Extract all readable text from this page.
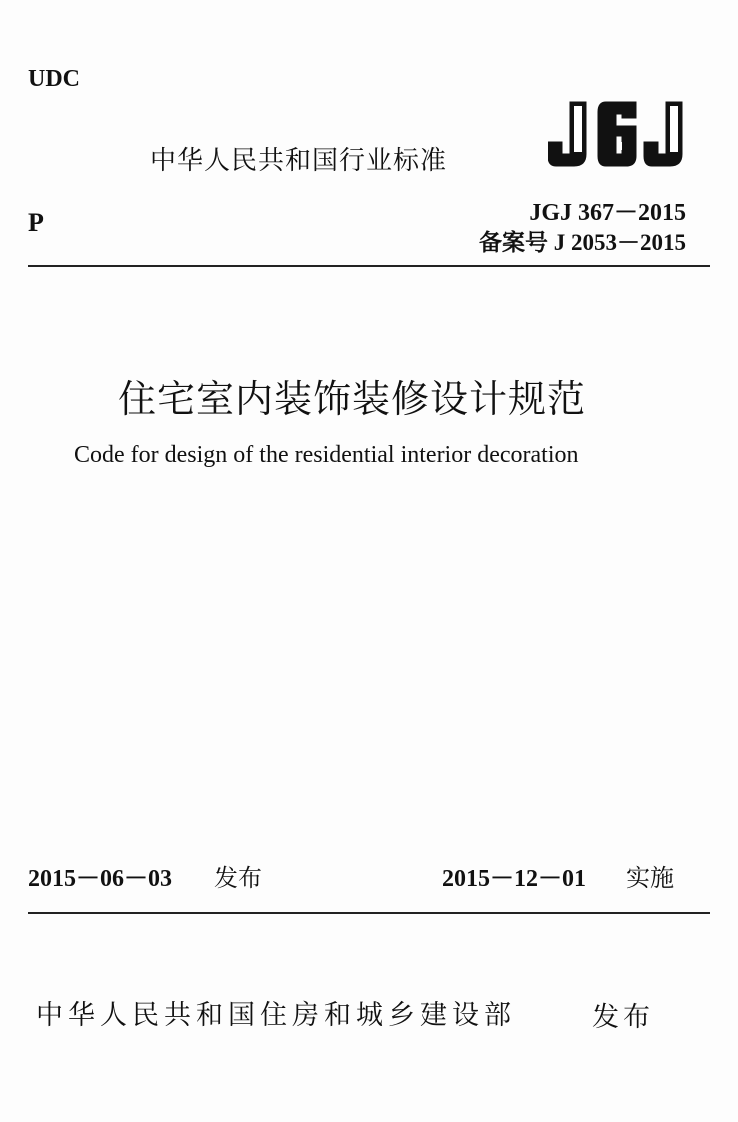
UDC
中华人民共和国行业标准
P	JGJ 367－2015
备案号 J 2053－2015
住宅室内装饰装修设计规范
Code for design of the residential interior decoration
2015－06－03 发布	2015－12－01 实施
中华人民共和国住房和城乡建设部	发布
